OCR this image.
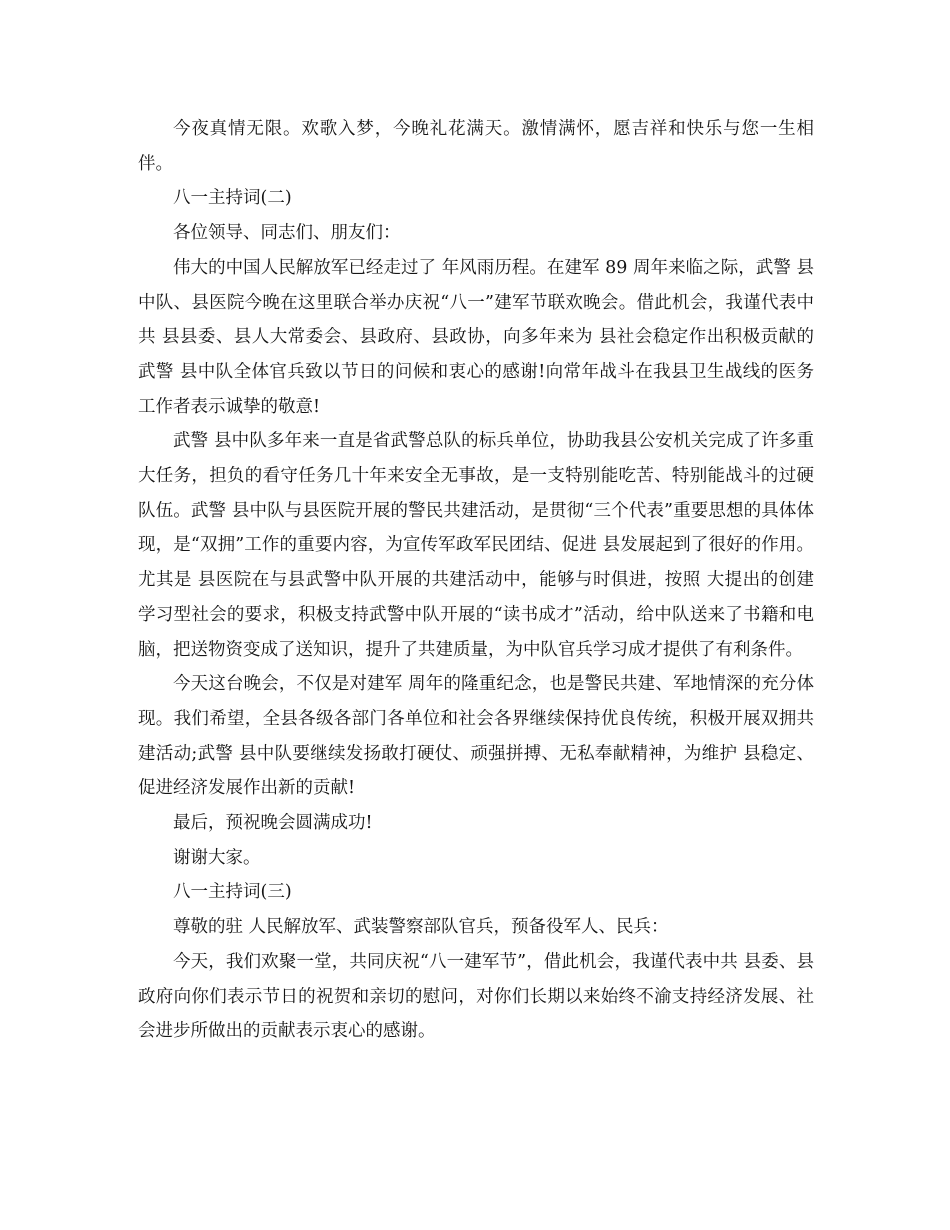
今夜真情无限。欢歌入梦，今晚礼花满天。激情满怀，愿吉祥和快乐与您一生相伴。

八一主持词(二)

各位领导、同志们、朋友们：

伟大的中国人民解放军已经走过了 年风雨历程。在建军 89 周年来临之际，武警 县中队、县医院今晚在这里联合举办庆祝“八一”建军节联欢晚会。借此机会，我谨代表中共 县县委、县人大常委会、县政府、县政协，向多年来为 县社会稳定作出积极贡献的武警 县中队全体官兵致以节日的问候和衷心的感谢!向常年战斗在我县卫生战线的医务工作者表示诚挚的敬意!

武警 县中队多年来一直是省武警总队的标兵单位，协助我县公安机关完成了许多重大任务，担负的看守任务几十年来安全无事故，是一支特别能吃苦、特别能战斗的过硬队伍。武警 县中队与县医院开展的警民共建活动，是贯彻“三个代表”重要思想的具体体现，是“双拥”工作的重要内容，为宣传军政军民团结、促进 县发展起到了很好的作用。尤其是 县医院在与县武警中队开展的共建活动中，能够与时俱进，按照 大提出的创建学习型社会的要求，积极支持武警中队开展的“读书成才”活动，给中队送来了书籍和电脑，把送物资变成了送知识，提升了共建质量，为中队官兵学习成才提供了有利条件。

今天这台晚会，不仅是对建军 周年的隆重纪念，也是警民共建、军地情深的充分体现。我们希望，全县各级各部门各单位和社会各界继续保持优良传统，积极开展双拥共建活动;武警 县中队要继续发扬敢打硬仗、顽强拼搏、无私奉献精神，为维护 县稳定、促进经济发展作出新的贡献!

最后，预祝晚会圆满成功!

谢谢大家。

八一主持词(三)

尊敬的驻 人民解放军、武装警察部队官兵，预备役军人、民兵：

今天，我们欢聚一堂，共同庆祝“八一建军节”，借此机会，我谨代表中共 县委、县政府向你们表示节日的祝贺和亲切的慰问，对你们长期以来始终不渝支持经济发展、社会进步所做出的贡献表示衷心的感谢。
